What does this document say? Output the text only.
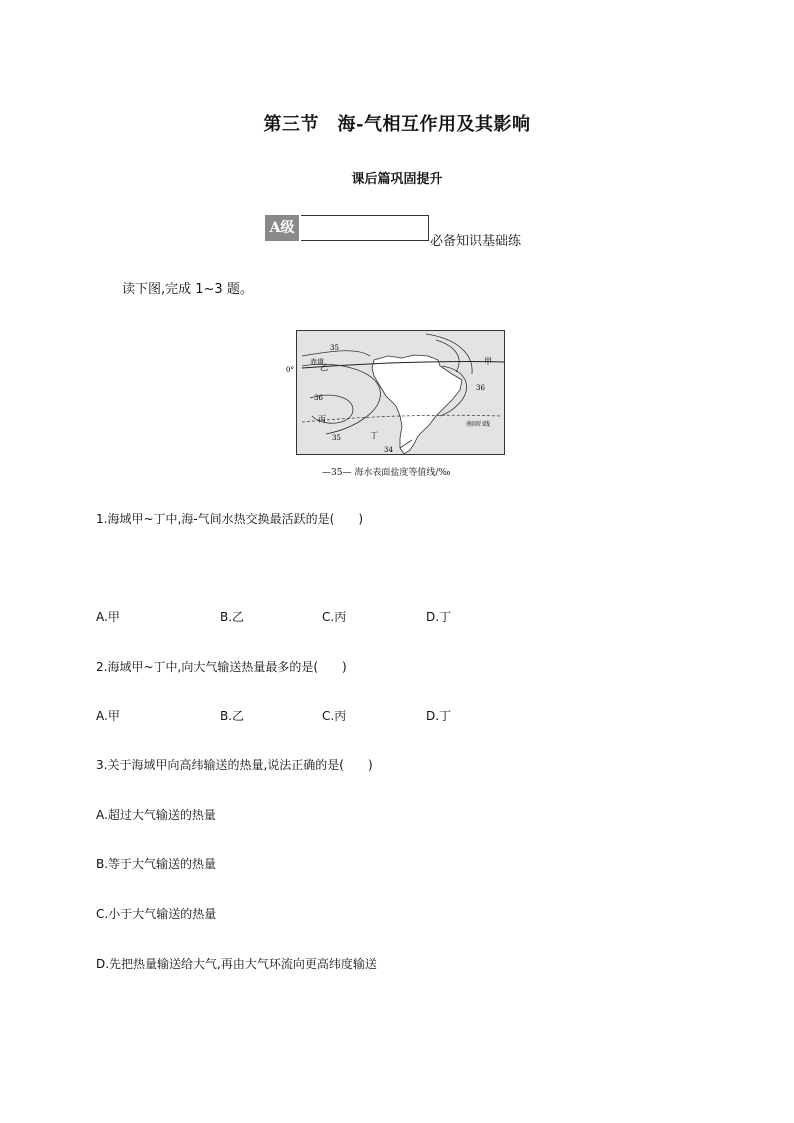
第三节　海-气相互作用及其影响
课后篇巩固提升
A级
必备知识基础练
读下图,完成 1~3 题。
0°
赤道
乙
甲
丙
丁
南回归线
35
36
35
36
34
—35— 海水表面盐度等值线/‰
1.海域甲~丁中,海-气间水热交换最活跃的是(　　)
A.甲	B.乙	C.丙	D.丁
2.海域甲~丁中,向大气输送热量最多的是(　　)
A.甲	B.乙	C.丙	D.丁
3.关于海域甲向高纬输送的热量,说法正确的是(　　)
A.超过大气输送的热量
B.等于大气输送的热量
C.小于大气输送的热量
D.先把热量输送给大气,再由大气环流向更高纬度输送
